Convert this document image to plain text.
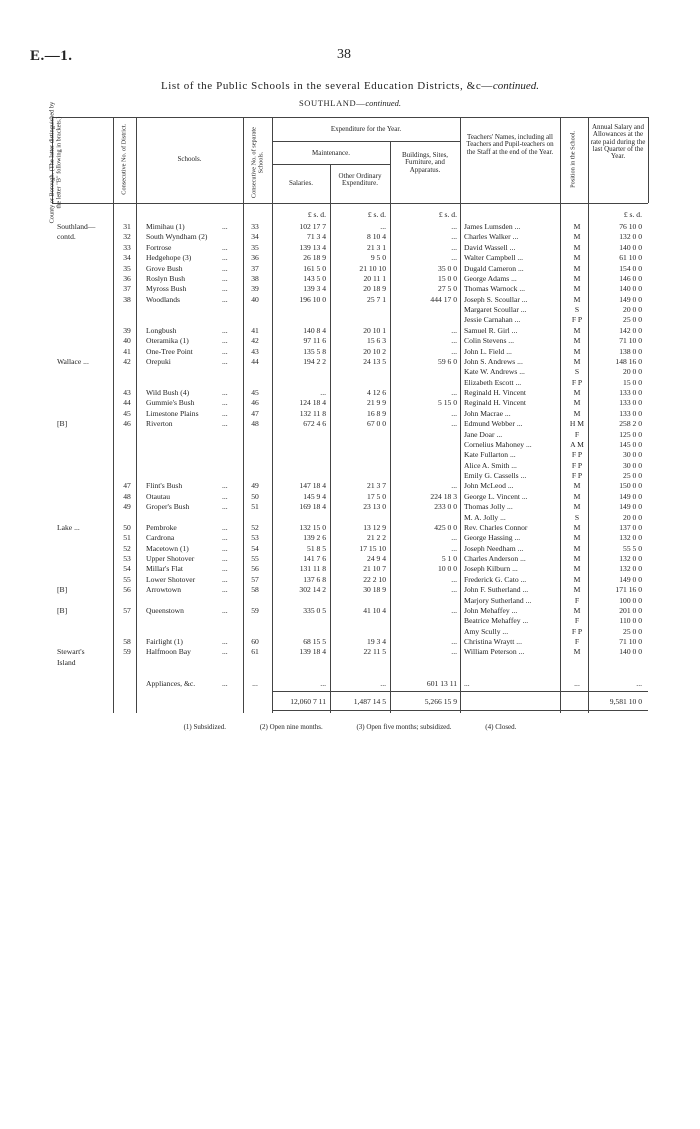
E.—1.	38
List of the Public Schools in the several Education Districts, &c—continued.
SOUTHLAND—continued.
County or Borough. (The latter distinguished by the letter "B" following in brackets.)	Consecutive No. of District.	Schools.	Consecutive No. of separate Schools.
Expenditure for the Year.
Maintenance.
Salaries.
Other Ordinary Expenditure.
Buildings, Sites, Furniture, and Apparatus.
Teachers' Names, including all Teachers and Pupil-teachers on the Staff at the end of the Year.	Position in the School.
Annual Salary and Allowances at the rate paid during the last Quarter of the Year.
£ s. d.	£ s. d.	£ s. d.	£ s. d.
Southland—	31	Mimihau (1)	...	33	102 17 7	...	... James Lumsden ...	M	76 10 0
contd.	32	South Wyndham (2)	34	71 3 4	8 10 4	... Charles Walker ...	M	132 0 0
33	Fortrose	...	35	139 13 4	21 3 1	... David Wassell ...	M	140 0 0
34	Hedgehope (3)	...	36	26 18 9	9 5 0	... Walter Campbell ...	M	61 10 0
35	Grove Bush	...	37	161 5 0	21 10 10	35 0 0 Dugald Cameron ...	M	154 0 0
36	Roslyn Bush	...	38	143 5 0	20 11 1	15 0 0 George Adams ...	M	146 0 0
37	Myross Bush	...	39	139 3 4	20 18 9	27 5 0 Thomas Warnock ...	M	140 0 0
38	Woodlands	...	40	196 10 0	25 7 1	444 17 0 Joseph S. Scoullar ...	M	149 0 0
Margaret Scoullar ...	S	20 0 0
Jessie Carnahan ...	F P	25 0 0
39	Longbush	...	41	140 8 4	20 10 1	... Samuel R. Girl ...	M	142 0 0
40	Oteramika (1)	...	42	97 11 6	15 6 3	... Colin Stevens ...	M	71 10 0
41	One-Tree Point	...	43	135 5 8	20 10 2	... John L. Field ...	M	138 0 0
Wallace ...	42	Orepuki	...	44	194 2 2	24 13 5	59 6 0 John S. Andrews ...	M	148 16 0
Kate W. Andrews ...	S	20 0 0
Elizabeth Escott ...	F P	15 0 0
43	Wild Bush (4)	...	45	...	4 12 6	... Reginald H. Vincent	M	133 0 0
44	Gummie's Bush	...	46	124 18 4	21 9 9	5 15 0 Reginald H. Vincent	M	133 0 0
45	Limestone Plains	...	47	132 11 8	16 8 9	... John Macrae ...	M	133 0 0
[B]	46	Riverton	...	48	672 4 6	67 0 0	... Edmund Webber ...	H M	258 2 0
Jane Doar ...	F	125 0 0
Cornelius Mahoney ...	A M	145 0 0
Kate Fullarton ...	F P	30 0 0
Alice A. Smith ...	F P	30 0 0
Emily G. Cassells ...	F P	25 0 0
47	Flint's Bush	...	49	147 18 4	21 3 7	... John McLeod ...	M	150 0 0
48	Otautau	...	50	145 9 4	17 5 0	224 18 3 George L. Vincent ...	M	149 0 0
49	Groper's Bush	...	51	169 18 4	23 13 0	233 0 0 Thomas Jolly ...	M	149 0 0
M. A. Jolly ...	S	20 0 0
Lake ...	50	Pembroke	...	52	132 15 0	13 12 9	425 0 0 Rev. Charles Connor	M	137 0 0
51	Cardrona	...	53	139 2 6	21 2 2	... George Hassing ...	M	132 0 0
52	Macetown (1)	...	54	51 8 5	17 15 10	... Joseph Needham ...	M	55 5 0
53	Upper Shotover	...	55	141 7 6	24 9 4	5 1 0 Charles Anderson ...	M	132 0 0
54	Millar's Flat	...	56	131 11 8	21 10 7	10 0 0 Joseph Kilburn ...	M	132 0 0
55	Lower Shotover	...	57	137 6 8	22 2 10	... Frederick G. Cato ...	M	149 0 0
[B]	56	Arrowtown	...	58	302 14 2	30 18 9	... John F. Sutherland ...	M	171 16 0
Marjory Sutherland ...	F	100 0 0
[B]	57	Queenstown	...	59	335 0 5	41 10 4	... John Mehaffey ...	M	201 0 0
Beatrice Mehaffey ...	F	110 0 0
Amy Scully ...	F P	25 0 0
58	Fairlight (1)	...	60	68 15 5	19 3 4	... Christina Wraytt ...	F	71 10 0
Stewart's	59	Halfmoon Bay	...	61	139 18 4	22 11 5	... William Peterson ...	M	140 0 0
Island
Appliances, &c.	...	...	...	...	601 13 11 ...	...	...
12,060 7 11	1,487 14 5	5,266 15 9	9,581 10 0
(1) Subsidized.	(2) Open nine months.	(3) Open five months; subsidized.	(4) Closed.
